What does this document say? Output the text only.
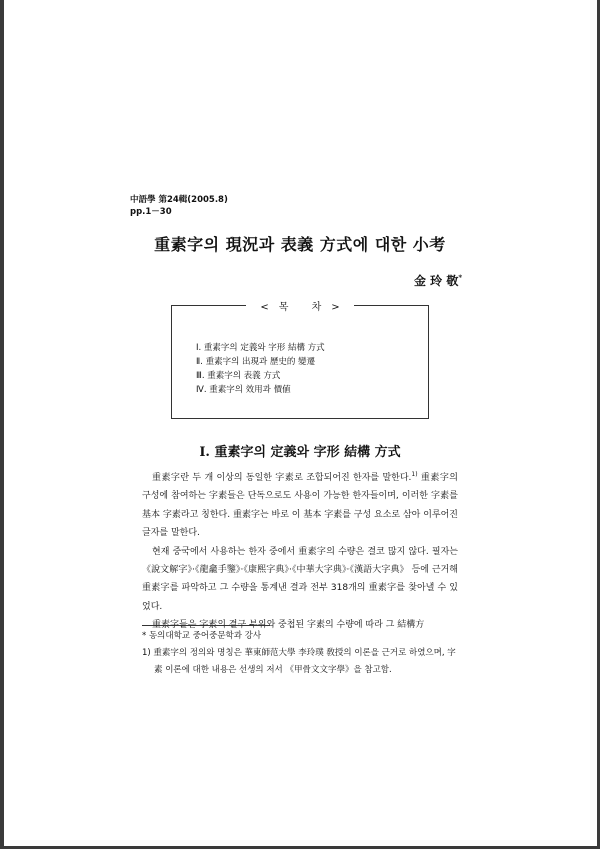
中語學 第24輯(2005.8)
pp.1－30
重素字의 現況과 表義 方式에 대한 小考
金 玲 敬*
<목 차>
Ⅰ. 重素字의 定義와 字形 結構 方式
Ⅱ. 重素字의 出現과 歷史的 變遷
Ⅲ. 重素字의 表義 方式
Ⅳ. 重素字의 效用과 價値
Ⅰ. 重素字의 定義와 字形 結構 方式

重素字란 두 개 이상의 동일한 字素로 조합되어진 한자를 말한다.$^{1)}$ 重素字의 구성에 참여하는 字素들은 단독으로도 사용이 가능한 한자들이며, 이러한 字素를 基本 字素라고 칭한다. 重素字는 바로 이 基本 字素를 구성 요소로 삼아 이루어진 글자를 말한다.

현재 중국에서 사용하는 한자 중에서 重素字의 수량은 결코 많지 않다. 필자는 《說文解字》·《龍龕手鑒》·《康熙字典》·《中華大字典》·《漢語大字典》 등에 근거해 重素字를 파악하고 그 수량을 통계낸 결과 전부 318개의 重素字를 찾아낼 수 있었다.

重素字들은 字素의 결구 부위와 중첩된 字素의 수량에 따라 그 結構方

* 동의대학교 중어중문학과 강사
1) 重素字의 정의와 명칭은 華東師范大學 李玲璞 敎授의 이론을 근거로 하였으며, 字素 이론에 대한 내용은 선생의 저서 《甲骨文文字學》을 참고함.
